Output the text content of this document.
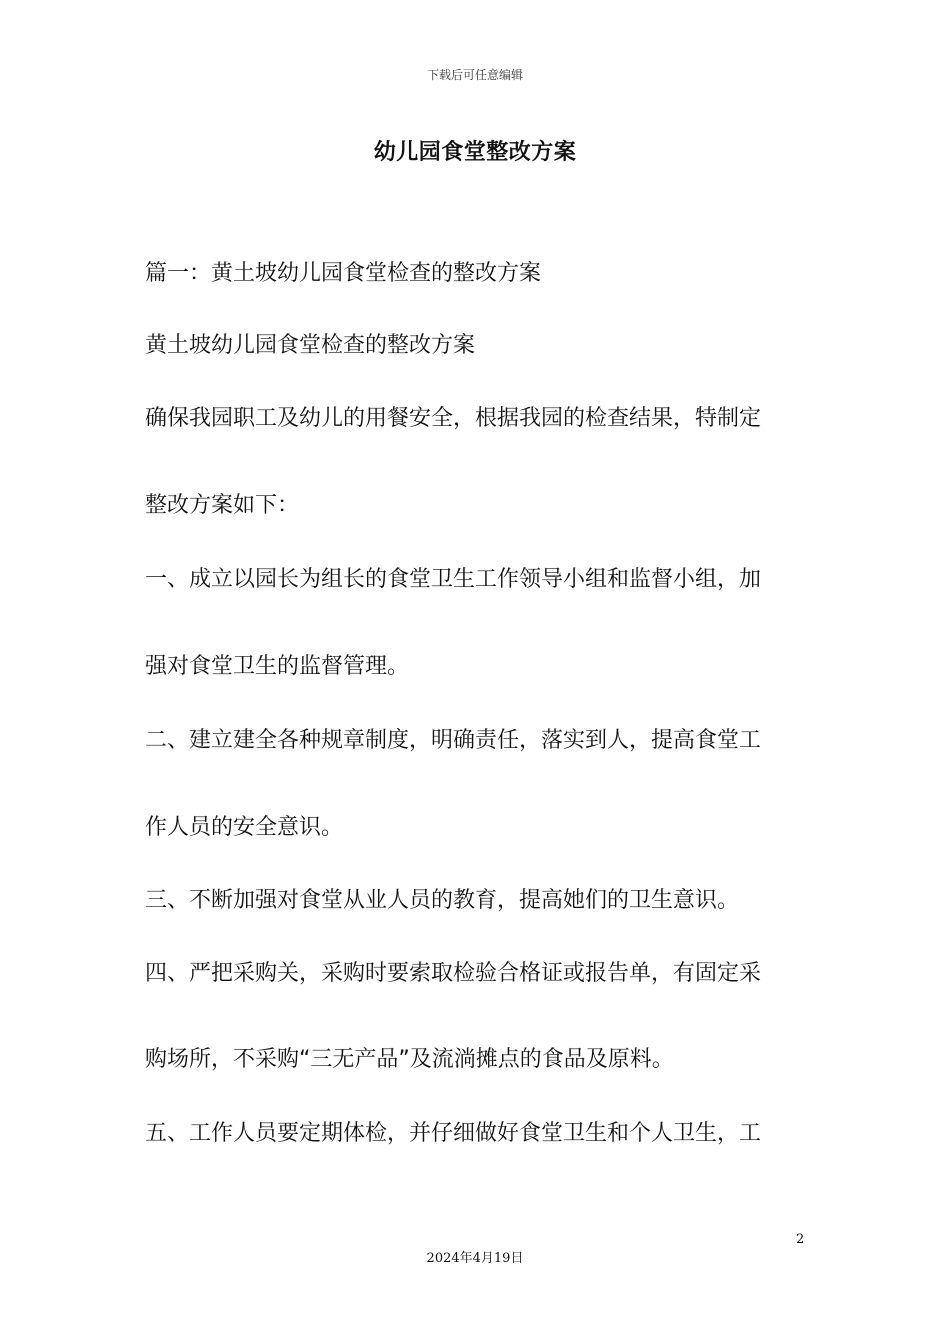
下载后可任意编辑
幼儿园食堂整改方案
篇一：黄土坡幼儿园食堂检查的整改方案
黄土坡幼儿园食堂检查的整改方案
确保我园职工及幼儿的用餐安全，根据我园的检查结果，特制定
整改方案如下：
一、成立以园长为组长的食堂卫生工作领导小组和监督小组，加
强对食堂卫生的监督管理。
二、建立建全各种规章制度，明确责任，落实到人，提高食堂工
作人员的安全意识。
三、不断加强对食堂从业人员的教育，提高她们的卫生意识。
四、严把采购关，采购时要索取检验合格证或报告单，有固定采
购场所，不采购“三无产品”及流淌摊点的食品及原料。
五、工作人员要定期体检，并仔细做好食堂卫生和个人卫生，工
2
2024年4月19日
